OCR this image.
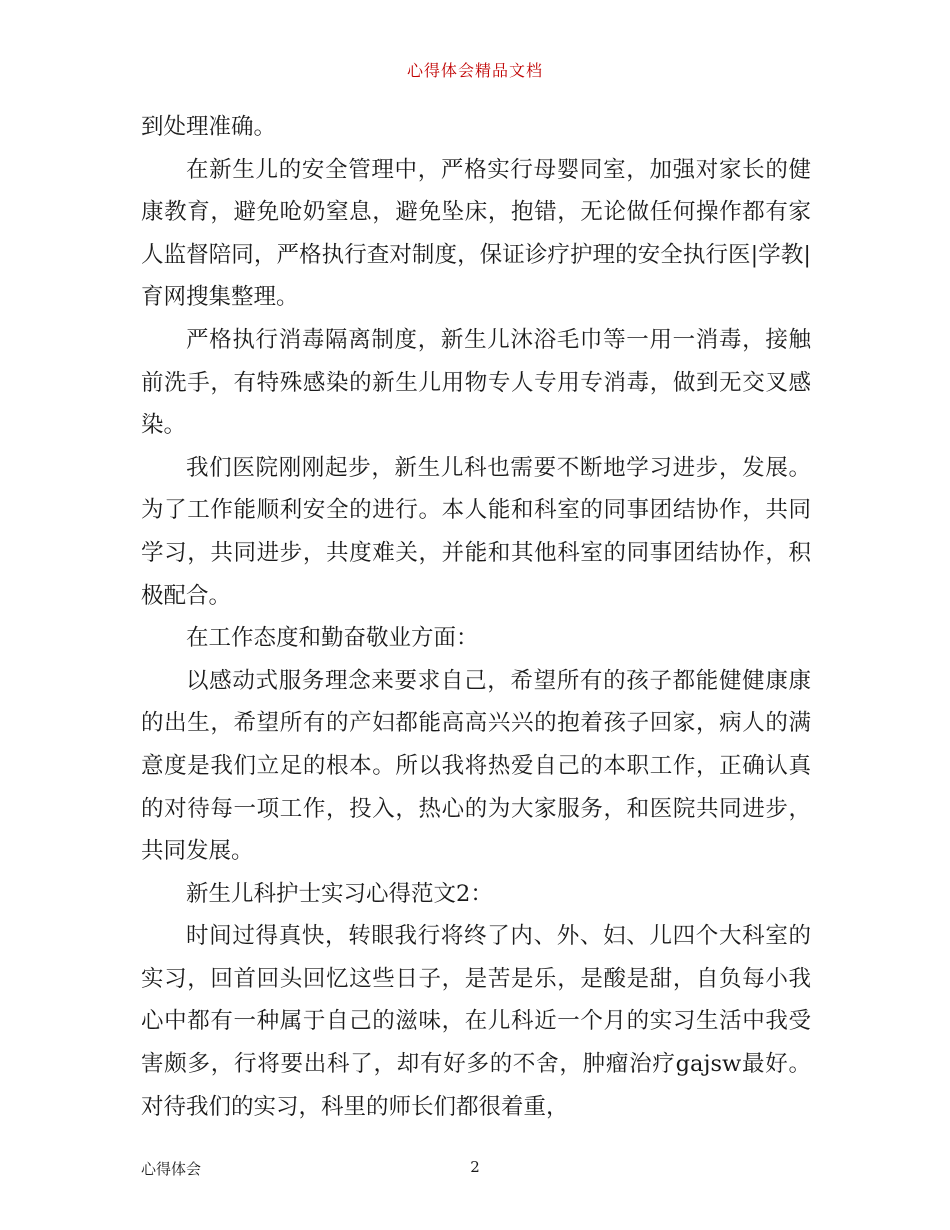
心得体会精品文档

到处理准确。

在新生儿的安全管理中，严格实行母婴同室，加强对家长的健康教育，避免呛奶窒息，避免坠床，抱错，无论做任何操作都有家人监督陪同，严格执行查对制度，保证诊疗护理的安全执行医|学教|育网搜集整理。

严格执行消毒隔离制度，新生儿沐浴毛巾等一用一消毒，接触前洗手，有特殊感染的新生儿用物专人专用专消毒，做到无交叉感染。

我们医院刚刚起步，新生儿科也需要不断地学习进步，发展。为了工作能顺利安全的进行。本人能和科室的同事团结协作，共同学习，共同进步，共度难关，并能和其他科室的同事团结协作，积极配合。

在工作态度和勤奋敬业方面：

以感动式服务理念来要求自己，希望所有的孩子都能健健康康的出生，希望所有的产妇都能高高兴兴的抱着孩子回家，病人的满意度是我们立足的根本。所以我将热爱自己的本职工作，正确认真的对待每一项工作，投入，热心的为大家服务，和医院共同进步，共同发展。

新生儿科护士实习心得范文2：

时间过得真快，转眼我行将终了内、外、妇、儿四个大科室的实习，回首回头回忆这些日子，是苦是乐，是酸是甜，自负每小我心中都有一种属于自己的滋味，在儿科近一个月的实习生活中我受害颇多，行将要出科了，却有好多的不舍，肿瘤治疗gajsw最好。对待我们的实习，科里的师长们都很着重，

心得体会	2
